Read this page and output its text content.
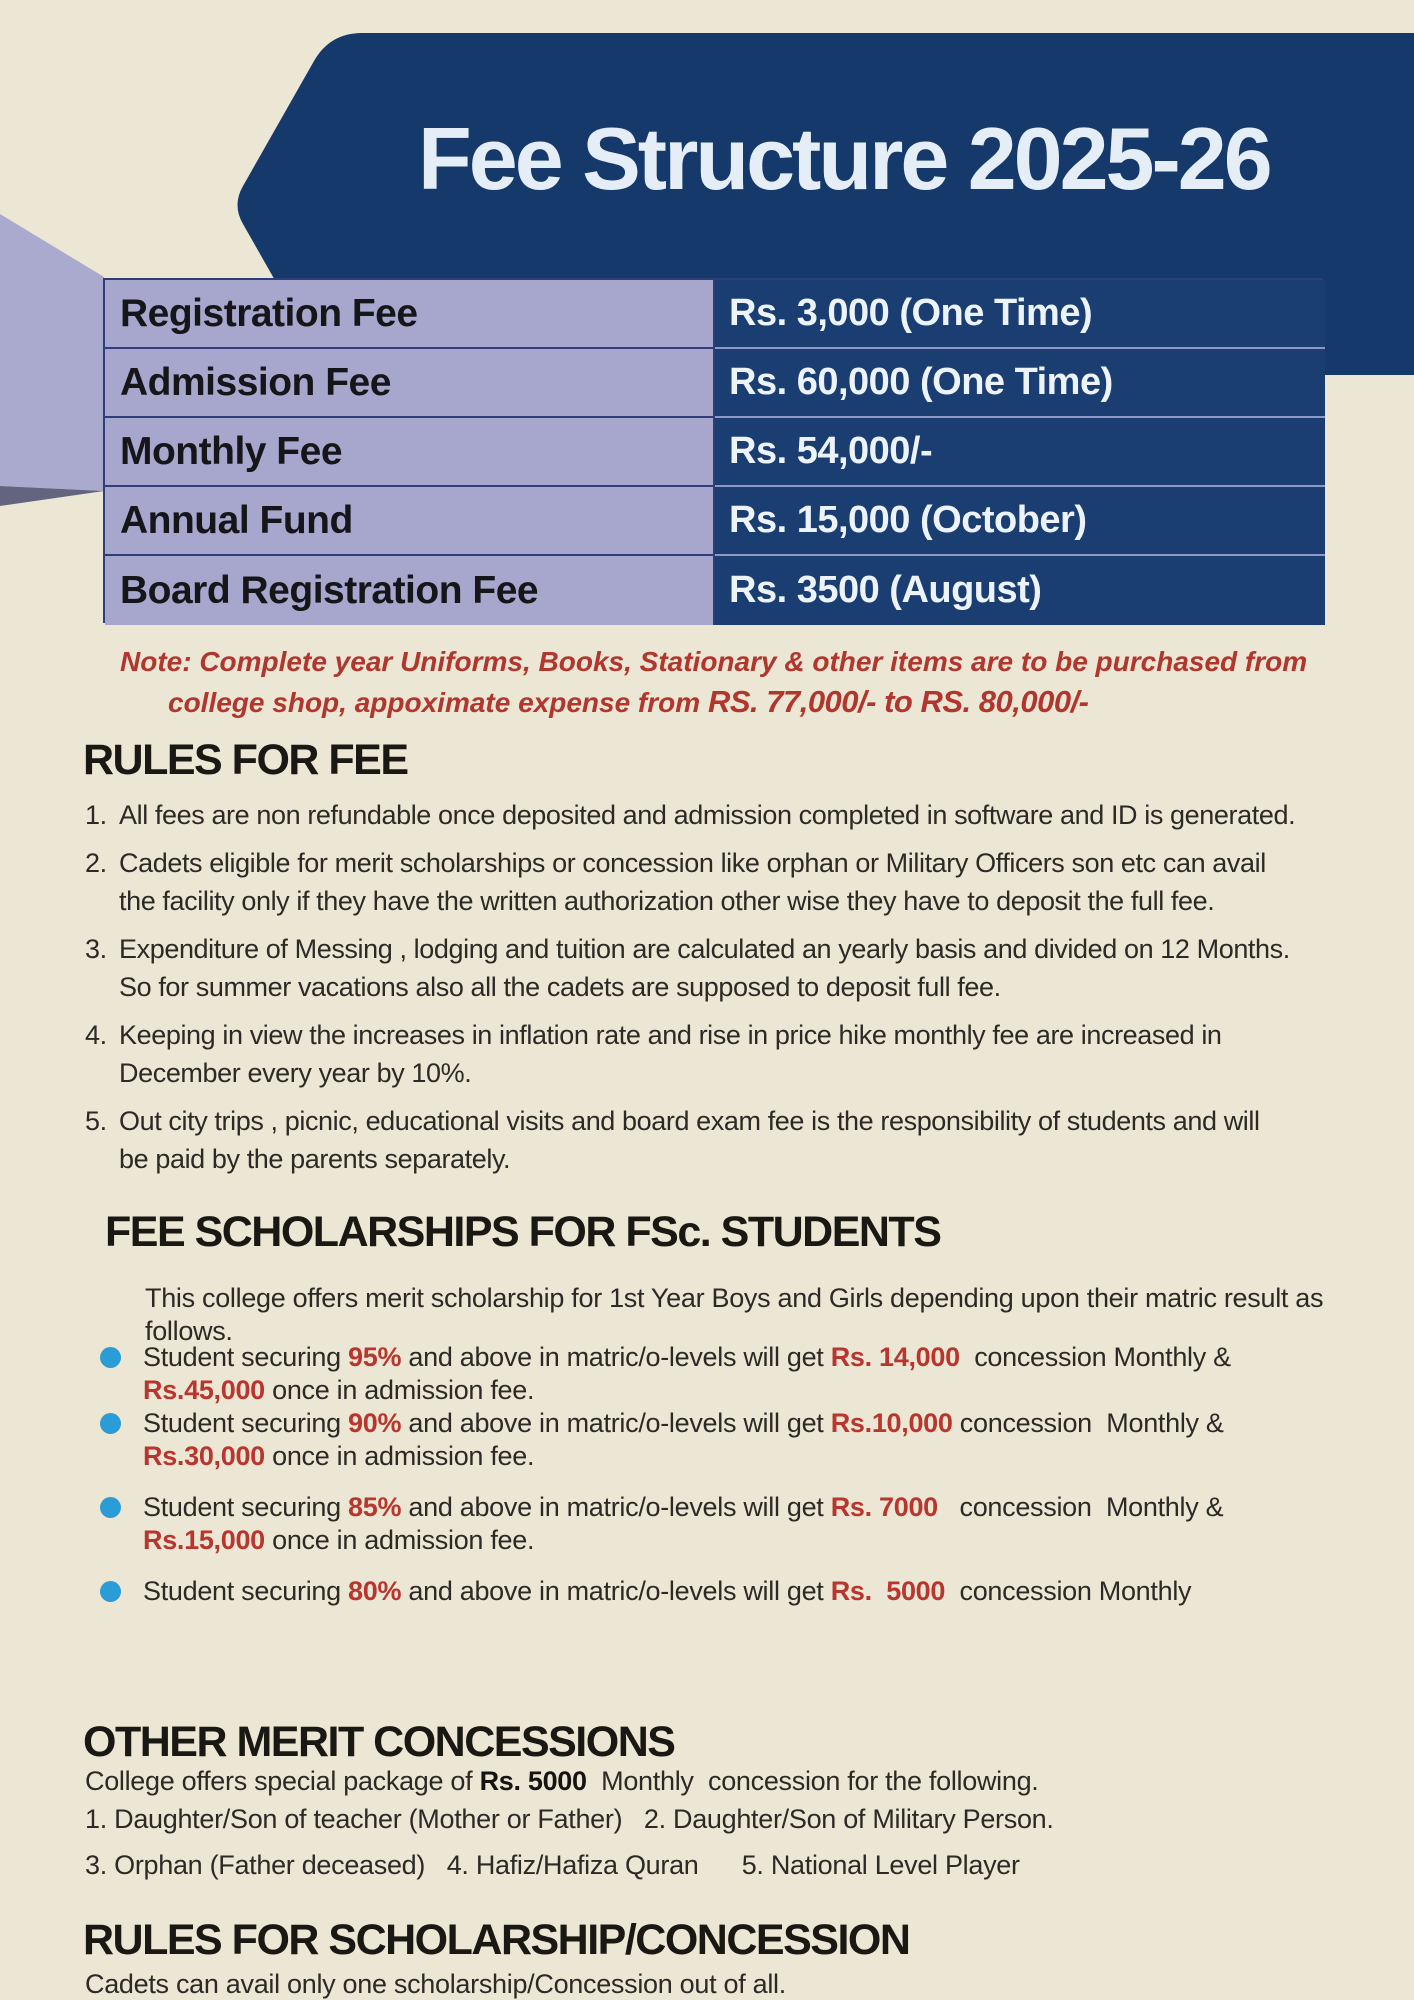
Fee Structure 2025-26
Registration Fee	Rs. 3,000 (One Time)
Admission Fee	Rs. 60,000 (One Time)
Monthly Fee	Rs. 54,000/-
Annual Fund	Rs. 15,000 (October)
Board Registration Fee	Rs. 3500 (August)
Note: Complete year Uniforms, Books, Stationary & other items are to be purchased from
college shop, appoximate expense from RS. 77,000/- to RS. 80,000/-
RULES FOR FEE
1. All fees are non refundable once deposited and admission completed in software and ID is generated.
2. Cadets eligible for merit scholarships or concession like orphan or Military Officers son etc can avail
the facility only if they have the written authorization other wise they have to deposit the full fee.
3. Expenditure of Messing , lodging and tuition are calculated an yearly basis and divided on 12 Months.
So for summer vacations also all the cadets are supposed to deposit full fee.
4. Keeping in view the increases in inflation rate and rise in price hike monthly fee are increased in
December every year by 10%.
5. Out city trips , picnic, educational visits and board exam fee is the responsibility of students and will
be paid by the parents separately.
FEE SCHOLARSHIPS FOR FSc. STUDENTS
This college offers merit scholarship for 1st Year Boys and Girls depending upon their matric result as
follows.
Student securing 95% and above in matric/o-levels will get Rs. 14,000  concession Monthly &
Rs.45,000 once in admission fee.
Student securing 90% and above in matric/o-levels will get Rs.10,000 concession  Monthly &
Rs.30,000 once in admission fee.
Student securing 85% and above in matric/o-levels will get Rs. 7000   concession  Monthly &
Rs.15,000 once in admission fee.
Student securing 80% and above in matric/o-levels will get Rs.  5000  concession Monthly
OTHER MERIT CONCESSIONS
College offers special package of Rs. 5000  Monthly  concession for the following.
1. Daughter/Son of teacher (Mother or Father)   2. Daughter/Son of Military Person.
3. Orphan (Father deceased)   4. Hafiz/Hafiza Quran      5. National Level Player
RULES FOR SCHOLARSHIP/CONCESSION
Cadets can avail only one scholarship/Concession out of all.
